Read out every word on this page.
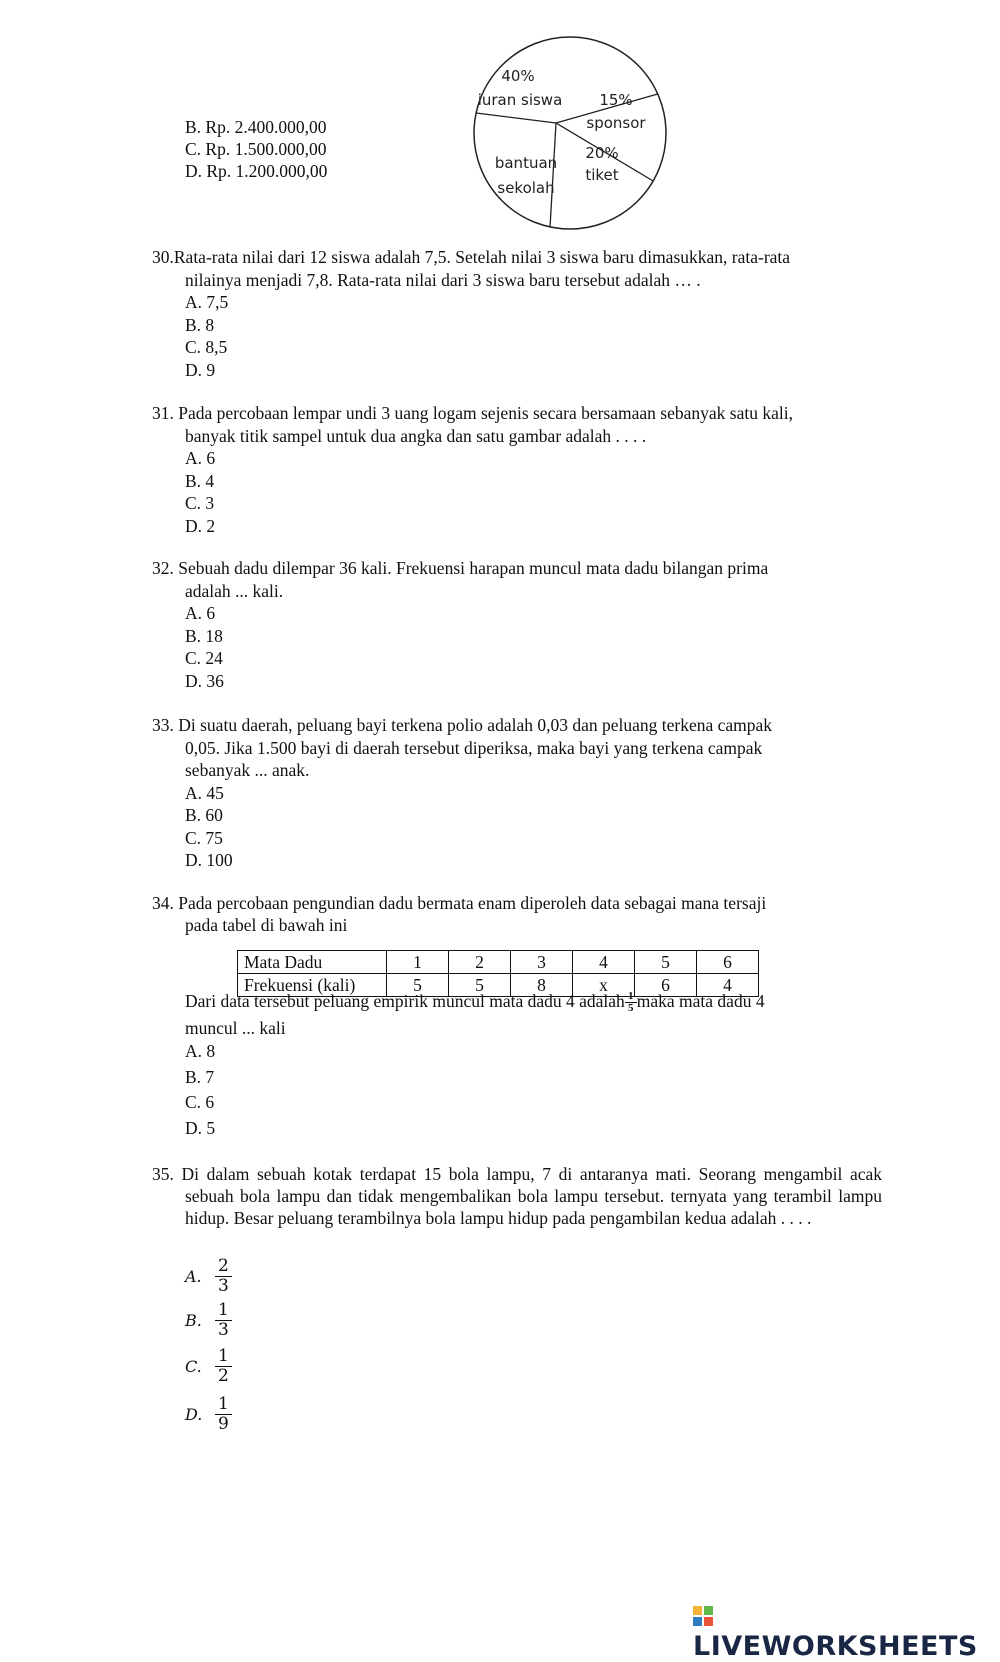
B. Rp. 2.400.000,00
C. Rp. 1.500.000,00
D. Rp. 1.200.000,00
40%
iuran siswa 15%
sponsor
20%
tiket
bantuan
sekolah
30.Rata-rata nilai dari 12 siswa adalah 7,5. Setelah nilai 3 siswa baru dimasukkan, rata-rata
nilainya menjadi 7,8. Rata-rata nilai dari 3 siswa baru tersebut adalah … .
A. 7,5
B. 8
C. 8,5
D. 9
31. Pada percobaan lempar undi 3 uang logam sejenis secara bersamaan sebanyak satu kali,
banyak titik sampel untuk dua angka dan satu gambar adalah . . . .
A. 6
B. 4
C. 3
D. 2
32. Sebuah dadu dilempar 36 kali. Frekuensi harapan muncul mata dadu bilangan prima
adalah ... kali.
A. 6
B. 18
C. 24
D. 36
33. Di suatu daerah, peluang bayi terkena polio adalah 0,03 dan peluang terkena campak
0,05. Jika 1.500 bayi di daerah tersebut diperiksa, maka bayi yang terkena campak
sebanyak ... anak.
A. 45
B. 60
C. 75
D. 100
34. Pada percobaan pengundian dadu bermata enam diperoleh data sebagai mana tersaji
pada tabel di bawah ini
Mata Dadu	1	2	3	4	5	6
Frekuensi (kali)	5	5	8	x	6	4
Dari data tersebut peluang empirik muncul mata dadu 4 adalah $\frac{1}{5}$ maka mata dadu 4
muncul ... kali
A. 8
B. 7
C. 6
D. 5
35. Di dalam sebuah kotak terdapat 15 bola lampu, 7 di antaranya mati. Seorang mengambil acak sebuah bola lampu dan tidak mengembalikan bola lampu tersebut. ternyata yang terambil lampu hidup. Besar peluang terambilnya bola lampu hidup pada pengambilan kedua adalah . . . .
A. $\frac{2}{3}$
B. $\frac{1}{3}$
C. $\frac{1}{2}$
D. $\frac{1}{9}$
LIVEWORKSHEETS
